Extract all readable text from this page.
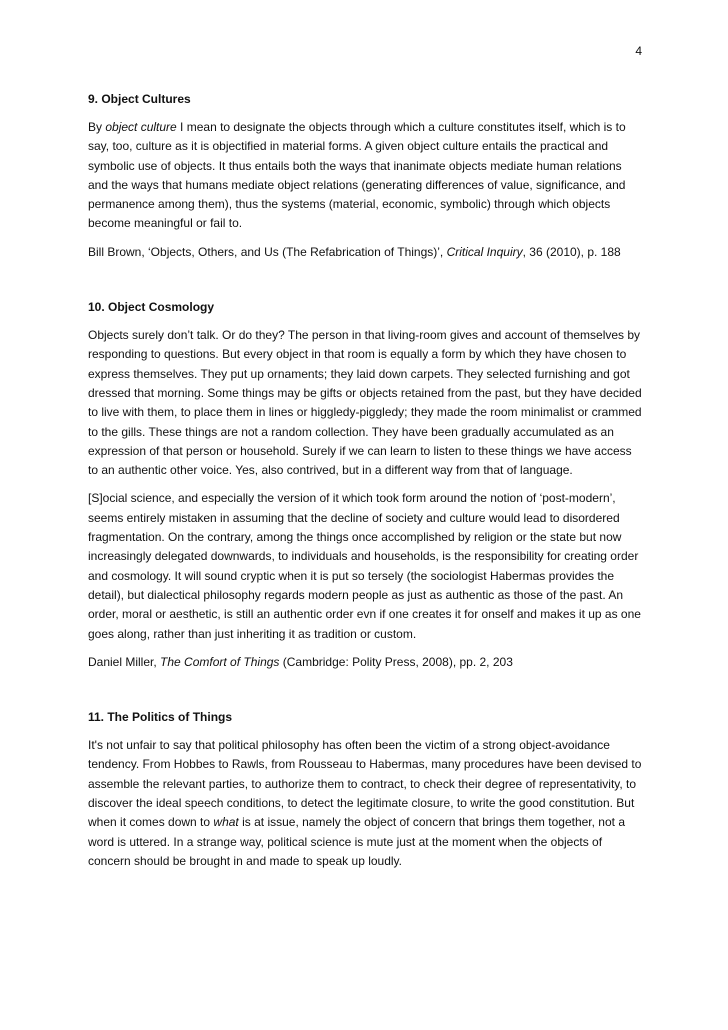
4
9. Object Cultures

By object culture I mean to designate the objects through which a culture constitutes itself, which is to say, too, culture as it is objectified in material forms. A given object culture entails the practical and symbolic use of objects. It thus entails both the ways that inanimate objects mediate human relations and the ways that humans mediate object relations (generating differences of value, significance, and permanence among them), thus the systems (material, economic, symbolic) through which objects become meaningful or fail to.

Bill Brown, ‘Objects, Others, and Us (The Refabrication of Things)’, Critical Inquiry, 36 (2010), p. 188

10. Object Cosmology

Objects surely don’t talk. Or do they? The person in that living-room gives and account of themselves by responding to questions. But every object in that room is equally a form by which they have chosen to express themselves. They put up ornaments; they laid down carpets. They selected furnishing and got dressed that morning. Some things may be gifts or objects retained from the past, but they have decided to live with them, to place them in lines or higgledy-piggledy; they made the room minimalist or crammed to the gills. These things are not a random collection. They have been gradually accumulated as an expression of that person or household. Surely if we can learn to listen to these things we have access to an authentic other voice. Yes, also contrived, but in a different way from that of language.

[S]ocial science, and especially the version of it which took form around the notion of ‘post-modern’, seems entirely mistaken in assuming that the decline of society and culture would lead to disordered fragmentation. On the contrary, among the things once accomplished by religion or the state but now increasingly delegated downwards, to individuals and households, is the responsibility for creating order and cosmology. It will sound cryptic when it is put so tersely (the sociologist Habermas provides the detail), but dialectical philosophy regards modern people as just as authentic as those of the past. An order, moral or aesthetic, is still an authentic order evn if one creates it for onself and makes it up as one goes along, rather than just inheriting it as tradition or custom.

Daniel Miller, The Comfort of Things (Cambridge: Polity Press, 2008), pp. 2, 203

11. The Politics of Things

It's not unfair to say that political philosophy has often been the victim of a strong object-avoidance tendency. From Hobbes to Rawls, from Rousseau to Habermas, many procedures have been devised to assemble the relevant parties, to authorize them to contract, to check their degree of representativity, to discover the ideal speech conditions, to detect the legitimate closure, to write the good constitution. But when it comes down to what is at issue, namely the object of concern that brings them together, not a word is uttered. In a strange way, political science is mute just at the moment when the objects of concern should be brought in and made to speak up loudly.
